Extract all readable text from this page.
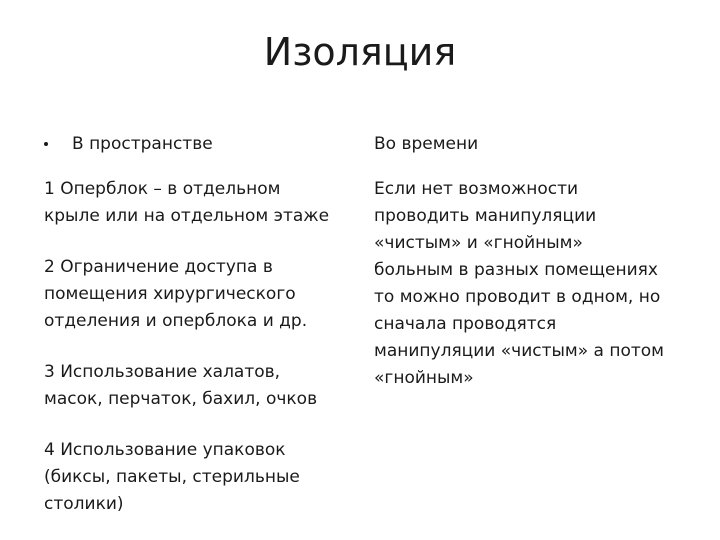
Изоляция
В пространстве
1 Оперблок – в отдельном
крыле или на отдельном этаже
2 Ограничение доступа в
помещения хирургического
отделения и оперблока и др.
3 Использование халатов,
масок, перчаток, бахил, очков
4 Использование упаковок
(биксы, пакеты, стерильные
столики)
Во времени

Если нет возможности
проводить манипуляции
«чистым» и «гнойным»
больным в разных помещениях
то можно проводит в одном, но
сначала проводятся
манипуляции «чистым» а потом
«гнойным»
